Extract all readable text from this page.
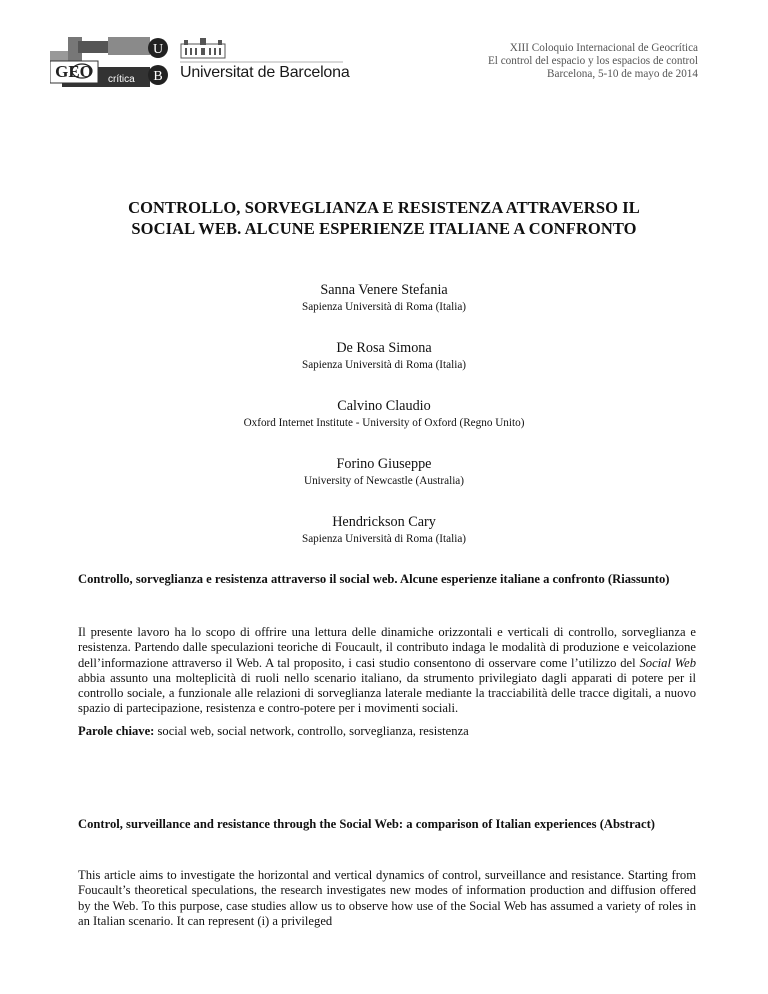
GEO crítica
U
B Universitat de Barcelona
XIII Coloquio Internacional de Geocrítica
El control del espacio y los espacios de control
Barcelona, 5-10 de mayo de 2014
CONTROLLO, SORVEGLIANZA E RESISTENZA ATTRAVERSO IL
SOCIAL WEB. ALCUNE ESPERIENZE ITALIANE A CONFRONTO
Sanna Venere Stefania
Sapienza Università di Roma (Italia)
De Rosa Simona
Sapienza Università di Roma (Italia)
Calvino Claudio
Oxford Internet Institute - University of Oxford (Regno Unito)
Forino Giuseppe
University of Newcastle (Australia)
Hendrickson Cary
Sapienza Università di Roma (Italia)
Controllo, sorveglianza e resistenza attraverso il social web. Alcune esperienze italiane a confronto (Riassunto)

Il presente lavoro ha lo scopo di offrire una lettura delle dinamiche orizzontali e verticali di controllo, sorveglianza e resistenza. Partendo dalle speculazioni teoriche di Foucault, il contributo indaga le modalità di produzione e veicolazione dell’informazione attraverso il Web. A tal proposito, i casi studio consentono di osservare come l’utilizzo del Social Web abbia assunto una molteplicità di ruoli nello scenario italiano, da strumento privilegiato dagli apparati di potere per il controllo sociale, a funzionale alle relazioni di sorveglianza laterale mediante la tracciabilità delle tracce digitali, a nuovo spazio di partecipazione, resistenza e contro-potere per i movimenti sociali.

Parole chiave: social web, social network, controllo, sorveglianza, resistenza
Control, surveillance and resistance through the Social Web: a comparison of Italian experiences (Abstract)

This article aims to investigate the horizontal and vertical dynamics of control, surveillance and resistance. Starting from Foucault’s theoretical speculations, the research investigates new modes of information production and diffusion offered by the Web. To this purpose, case studies allow us to observe how use of the Social Web has assumed a variety of roles in an Italian scenario. It can represent (i) a privileged
